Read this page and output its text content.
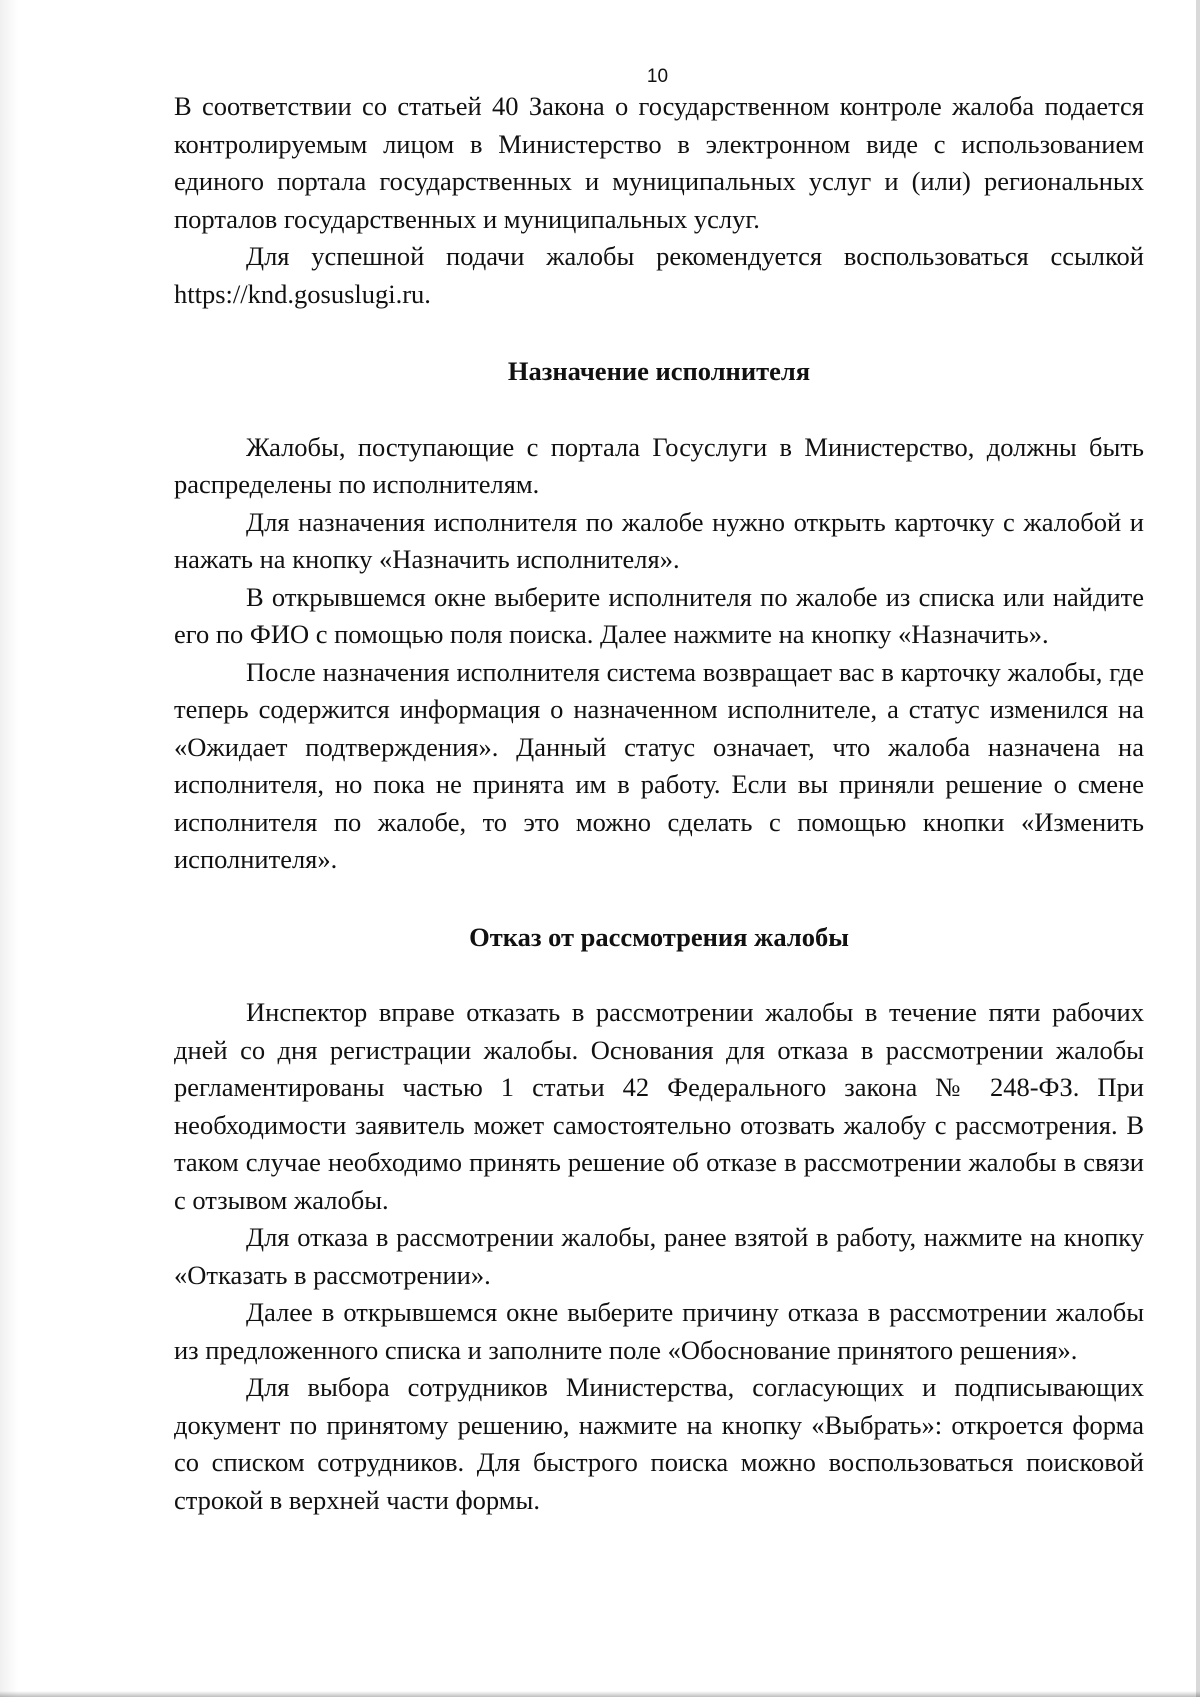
10

В соответствии со статьей 40 Закона о государственном контроле жалоба подается контролируемым лицом в Министерство в электронном виде с использованием единого портала государственных и муниципальных услуг и (или) региональных порталов государственных и муниципальных услуг.

Для успешной подачи жалобы рекомендуется воспользоваться ссылкой https://knd.gosuslugi.ru.

Назначение исполнителя

Жалобы, поступающие с портала Госуслуги в Министерство, должны быть распределены по исполнителям.

Для назначения исполнителя по жалобе нужно открыть карточку с жалобой и нажать на кнопку «Назначить исполнителя».

В открывшемся окне выберите исполнителя по жалобе из списка или найдите его по ФИО с помощью поля поиска. Далее нажмите на кнопку «Назначить».

После назначения исполнителя система возвращает вас в карточку жалобы, где теперь содержится информация о назначенном исполнителе, а статус изменился на «Ожидает подтверждения». Данный статус означает, что жалоба назначена на исполнителя, но пока не принята им в работу. Если вы приняли решение о смене исполнителя по жалобе, то это можно сделать с помощью кнопки «Изменить исполнителя».

Отказ от рассмотрения жалобы

Инспектор вправе отказать в рассмотрении жалобы в течение пяти рабочих дней со дня регистрации жалобы. Основания для отказа в рассмотрении жалобы регламентированы частью 1 статьи 42 Федерального закона № 248-ФЗ. При необходимости заявитель может самостоятельно отозвать жалобу с рассмотрения. В таком случае необходимо принять решение об отказе в рассмотрении жалобы в связи с отзывом жалобы.

Для отказа в рассмотрении жалобы, ранее взятой в работу, нажмите на кнопку «Отказать в рассмотрении».

Далее в открывшемся окне выберите причину отказа в рассмотрении жалобы из предложенного списка и заполните поле «Обоснование принятого решения».

Для выбора сотрудников Министерства, согласующих и подписывающих документ по принятому решению, нажмите на кнопку «Выбрать»: откроется форма со списком сотрудников. Для быстрого поиска можно воспользоваться поисковой строкой в верхней части формы.
